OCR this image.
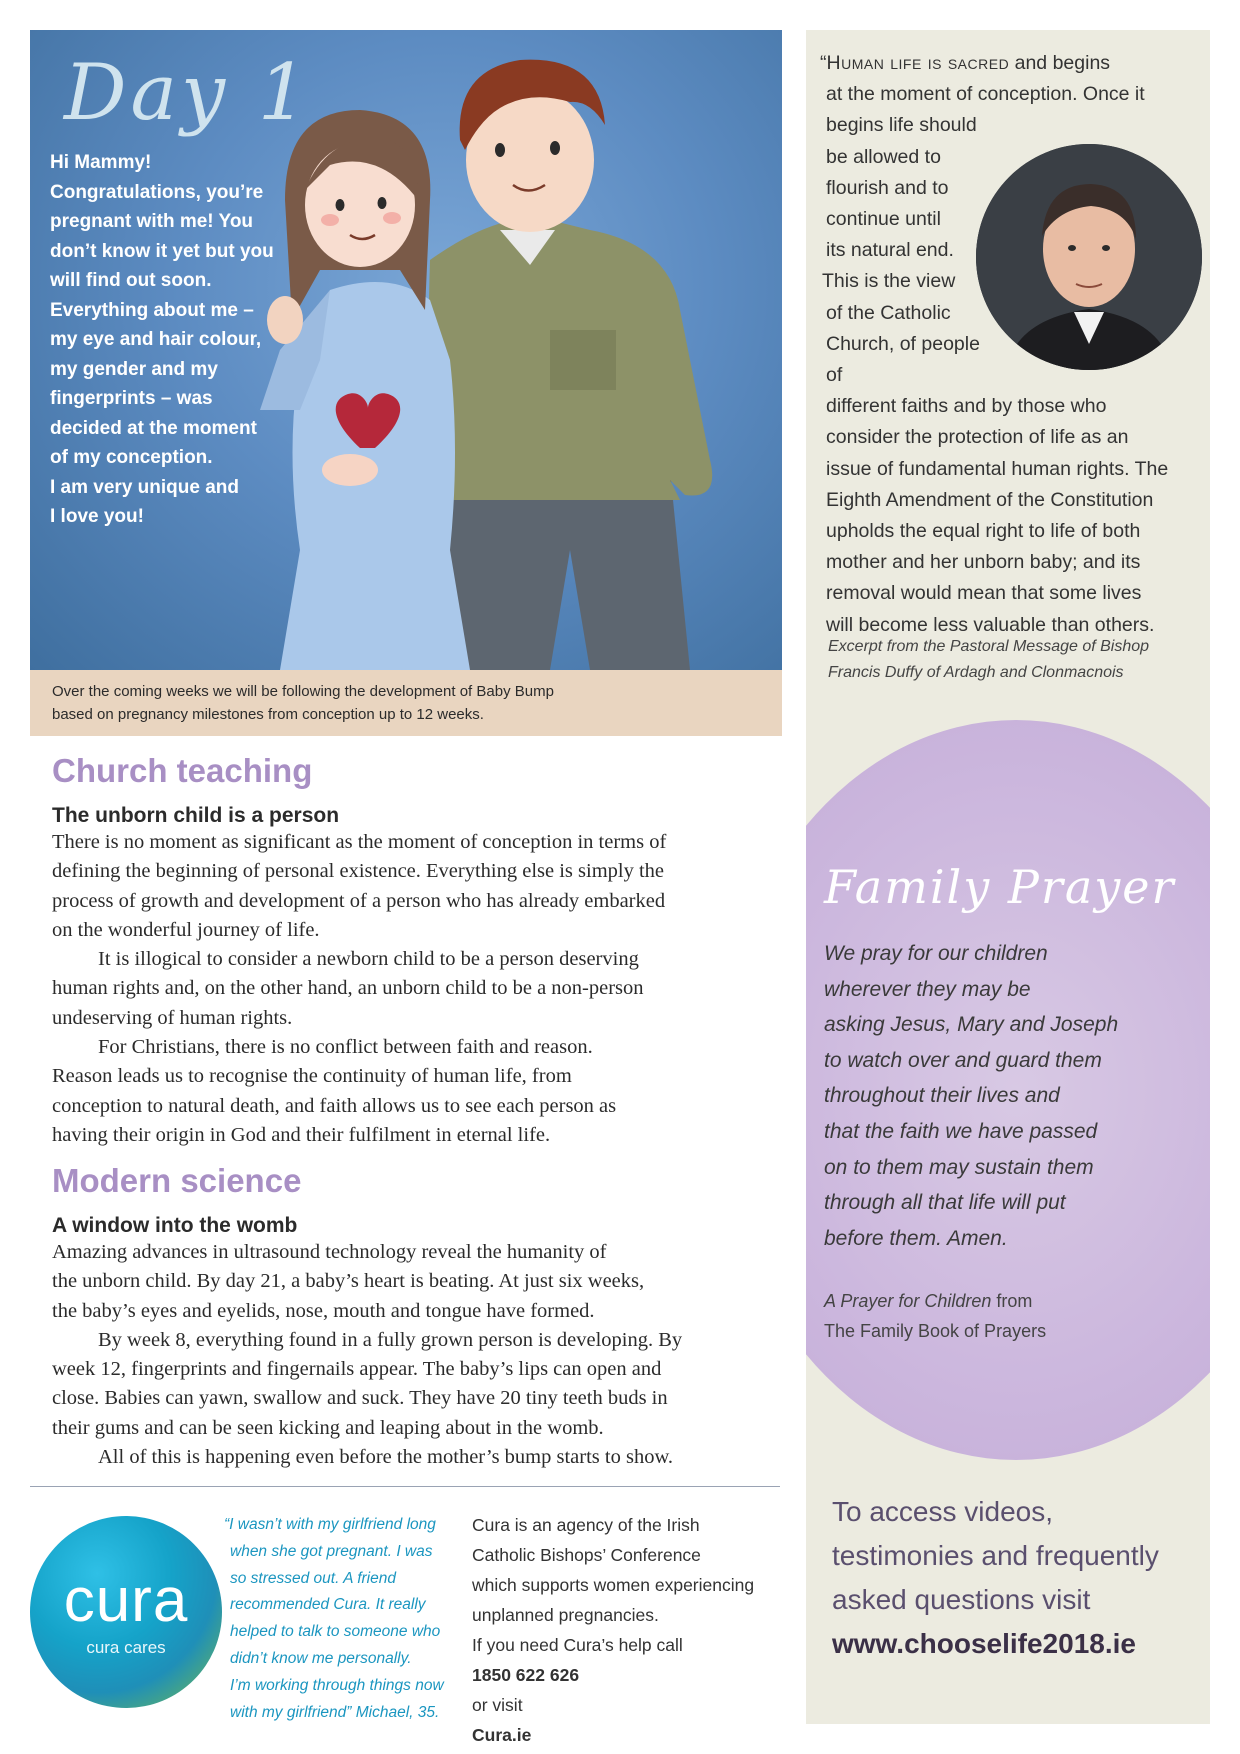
Day 1
Hi Mammy!
Congratulations, you’re
pregnant with me! You
don’t know it yet but you
will find out soon.
Everything about me –
my eye and hair colour,
my gender and my
fingerprints – was
decided at the moment
of my conception.
I am very unique and
I love you!
Over the coming weeks we will be following the development of Baby Bump
based on pregnancy milestones from conception up to 12 weeks.
“Human life is sacred and begins
at the moment of conception. Once it
begins life should
be allowed to
flourish and to
continue until
its natural end.
This is the view
of the Catholic
Church, of people of
different faiths and by those who
consider the protection of life as an
issue of fundamental human rights. The
Eighth Amendment of the Constitution
upholds the equal right to life of both
mother and her unborn baby; and its
removal would mean that some lives
will become less valuable than others.
Excerpt from the Pastoral Message of Bishop
Francis Duffy of Ardagh and Clonmacnois
Family Prayer
We pray for our children
wherever they may be
asking Jesus, Mary and Joseph
to watch over and guard them
throughout their lives and
that the faith we have passed
on to them may sustain them
through all that life will put
before them. Amen.
A Prayer for Children from
The Family Book of Prayers
To access videos,
testimonies and frequently
asked questions visit
www.chooselife2018.ie
Church teaching
The unborn child is a person
There is no moment as significant as the moment of conception in terms of
defining the beginning of personal existence. Everything else is simply the
process of growth and development of a person who has already embarked
on the wonderful journey of life.
It is illogical to consider a newborn child to be a person deserving
human rights and, on the other hand, an unborn child to be a non-person
undeserving of human rights.
For Christians, there is no conflict between faith and reason.
Reason leads us to recognise the continuity of human life, from
conception to natural death, and faith allows us to see each person as
having their origin in God and their fulfilment in eternal life.
Modern science
A window into the womb
Amazing advances in ultrasound technology reveal the humanity of
the unborn child. By day 21, a baby’s heart is beating. At just six weeks,
the baby’s eyes and eyelids, nose, mouth and tongue have formed.
By week 8, everything found in a fully grown person is developing. By
week 12, fingerprints and fingernails appear. The baby’s lips can open and
close. Babies can yawn, swallow and suck. They have 20 tiny teeth buds in
their gums and can be seen kicking and leaping about in the womb.
All of this is happening even before the mother’s bump starts to show.
cura
cura cares
“I wasn’t with my girlfriend long
when she got pregnant. I was
so stressed out. A friend
recommended Cura. It really
helped to talk to someone who
didn’t know me personally.
I’m working through things now
with my girlfriend” Michael, 35.
Cura is an agency of the Irish
Catholic Bishops’ Conference
which supports women experiencing
unplanned pregnancies.
If you need Cura’s help call
1850 622 626
or visit
Cura.ie
